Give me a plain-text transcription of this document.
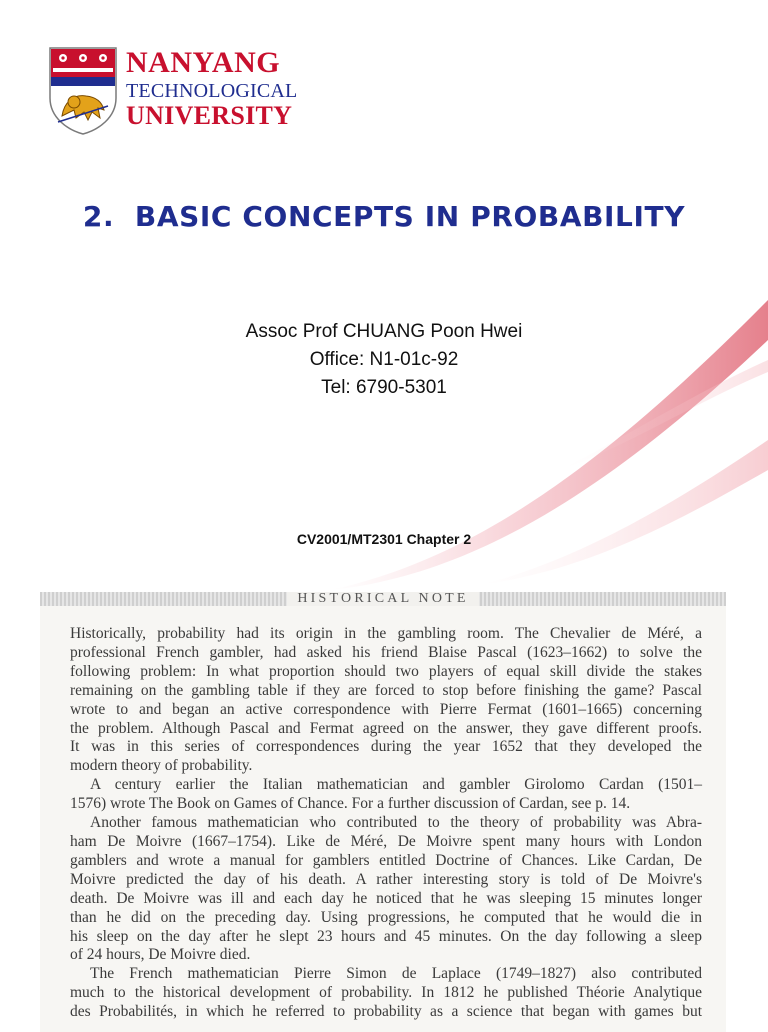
NANYANG
TECHNOLOGICAL
UNIVERSITY
2.  BASIC CONCEPTS IN PROBABILITY
Assoc Prof CHUANG Poon Hwei
Office: N1-01c-92
Tel: 6790-5301
CV2001/MT2301 Chapter 2
HISTORICAL NOTE
Historically, probability had its origin in the gambling room. The Chevalier de Méré, a
professional French gambler, had asked his friend Blaise Pascal (1623–1662) to solve the
following problem: In what proportion should two players of equal skill divide the stakes
remaining on the gambling table if they are forced to stop before finishing the game? Pascal
wrote to and began an active correspondence with Pierre Fermat (1601–1665) concerning
the problem. Although Pascal and Fermat agreed on the answer, they gave different proofs.
It was in this series of correspondences during the year 1652 that they developed the
modern theory of probability.
A century earlier the Italian mathematician and gambler Girolomo Cardan (1501–
1576) wrote The Book on Games of Chance. For a further discussion of Cardan, see p. 14.
Another famous mathematician who contributed to the theory of probability was Abra-
ham De Moivre (1667–1754). Like de Méré, De Moivre spent many hours with London
gamblers and wrote a manual for gamblers entitled Doctrine of Chances. Like Cardan, De
Moivre predicted the day of his death. A rather interesting story is told of De Moivre's
death. De Moivre was ill and each day he noticed that he was sleeping 15 minutes longer
than he did on the preceding day. Using progressions, he computed that he would die in
his sleep on the day after he slept 23 hours and 45 minutes. On the day following a sleep
of 24 hours, De Moivre died.
The French mathematician Pierre Simon de Laplace (1749–1827) also contributed
much to the historical development of probability. In 1812 he published Théorie Analytique
des Probabilités, in which he referred to probability as a science that began with games but
